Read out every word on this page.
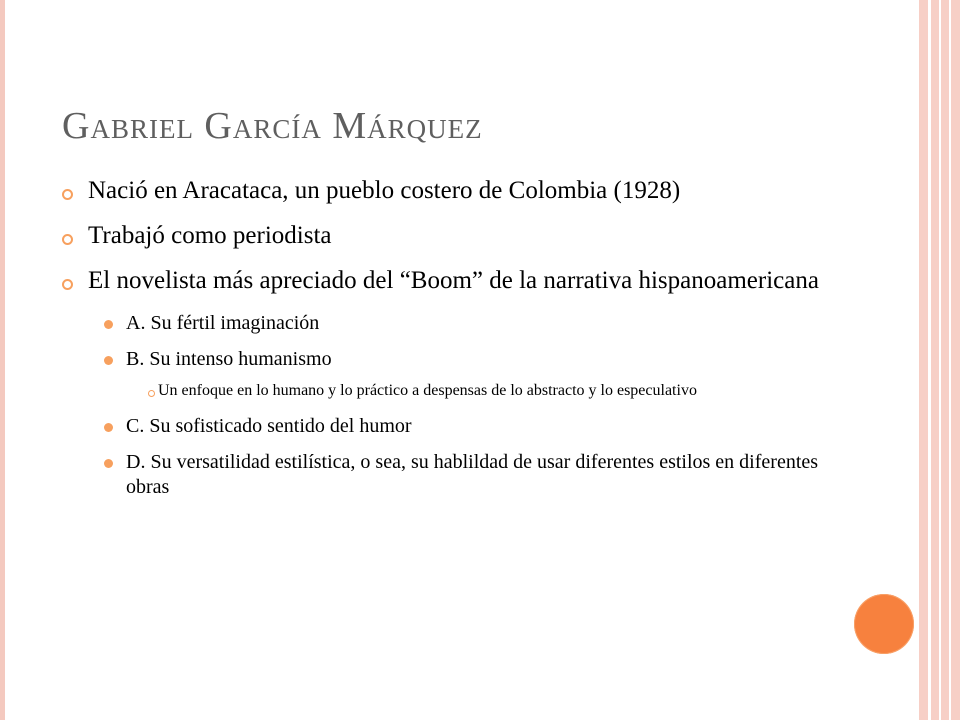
Gabriel García Márquez

Nació en Aracataca, un pueblo costero de Colombia (1928)

Trabajó como periodista

El novelista más apreciado del “Boom” de la narrativa hispanoamericana

A. Su fértil imaginación

B. Su intenso humanismo

Un enfoque en lo humano y lo práctico a despensas de lo abstracto y lo especulativo

C. Su sofisticado sentido del humor

D. Su versatilidad estilística, o sea, su hablildad de usar diferentes estilos en diferentes obras
